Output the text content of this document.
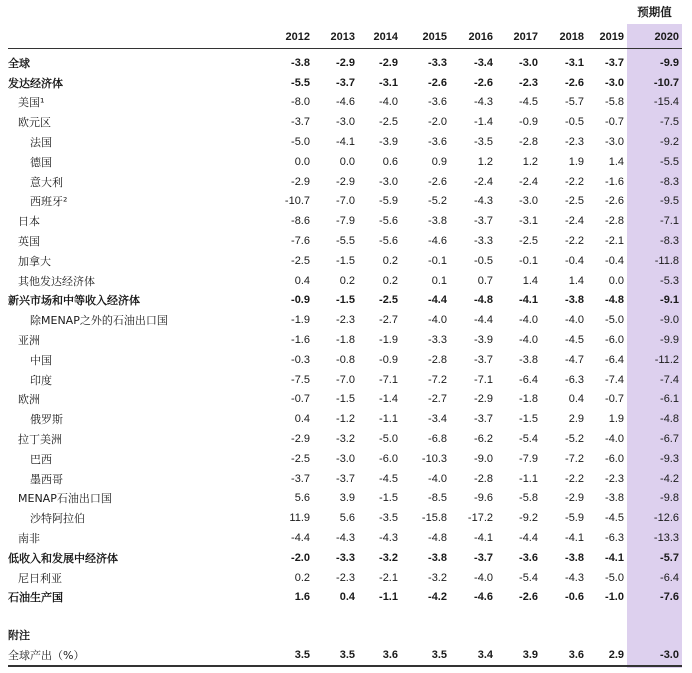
预期值
	2012	2013	2014	2015	2016	2017	2018	2019	2020
全球	-3.8	-2.9	-2.9	-3.3	-3.4	-3.0	-3.1	-3.7	-9.9
发达经济体	-5.5	-3.7	-3.1	-2.6	-2.6	-2.3	-2.6	-3.0	-10.7
美国¹	-8.0	-4.6	-4.0	-3.6	-4.3	-4.5	-5.7	-5.8	-15.4
欧元区	-3.7	-3.0	-2.5	-2.0	-1.4	-0.9	-0.5	-0.7	-7.5
法国	-5.0	-4.1	-3.9	-3.6	-3.5	-2.8	-2.3	-3.0	-9.2
德国	0.0	0.0	0.6	0.9	1.2	1.2	1.9	1.4	-5.5
意大利	-2.9	-2.9	-3.0	-2.6	-2.4	-2.4	-2.2	-1.6	-8.3
西班牙²	-10.7	-7.0	-5.9	-5.2	-4.3	-3.0	-2.5	-2.6	-9.5
日本	-8.6	-7.9	-5.6	-3.8	-3.7	-3.1	-2.4	-2.8	-7.1
英国	-7.6	-5.5	-5.6	-4.6	-3.3	-2.5	-2.2	-2.1	-8.3
加拿大	-2.5	-1.5	0.2	-0.1	-0.5	-0.1	-0.4	-0.4	-11.8
其他发达经济体	0.4	0.2	0.2	0.1	0.7	1.4	1.4	0.0	-5.3
新兴市场和中等收入经济体	-0.9	-1.5	-2.5	-4.4	-4.8	-4.1	-3.8	-4.8	-9.1
除MENAP之外的石油出口国	-1.9	-2.3	-2.7	-4.0	-4.4	-4.0	-4.0	-5.0	-9.0
亚洲	-1.6	-1.8	-1.9	-3.3	-3.9	-4.0	-4.5	-6.0	-9.9
中国	-0.3	-0.8	-0.9	-2.8	-3.7	-3.8	-4.7	-6.4	-11.2
印度	-7.5	-7.0	-7.1	-7.2	-7.1	-6.4	-6.3	-7.4	-7.4
欧洲	-0.7	-1.5	-1.4	-2.7	-2.9	-1.8	0.4	-0.7	-6.1
俄罗斯	0.4	-1.2	-1.1	-3.4	-3.7	-1.5	2.9	1.9	-4.8
拉丁美洲	-2.9	-3.2	-5.0	-6.8	-6.2	-5.4	-5.2	-4.0	-6.7
巴西	-2.5	-3.0	-6.0	-10.3	-9.0	-7.9	-7.2	-6.0	-9.3
墨西哥	-3.7	-3.7	-4.5	-4.0	-2.8	-1.1	-2.2	-2.3	-4.2
MENAP石油出口国	5.6	3.9	-1.5	-8.5	-9.6	-5.8	-2.9	-3.8	-9.8
沙特阿拉伯	11.9	5.6	-3.5	-15.8	-17.2	-9.2	-5.9	-4.5	-12.6
南非	-4.4	-4.3	-4.3	-4.8	-4.1	-4.4	-4.1	-6.3	-13.3
低收入和发展中经济体	-2.0	-3.3	-3.2	-3.8	-3.7	-3.6	-3.8	-4.1	-5.7
尼日利亚	0.2	-2.3	-2.1	-3.2	-4.0	-5.4	-4.3	-5.0	-6.4
石油生产国	1.6	0.4	-1.1	-4.2	-4.6	-2.6	-0.6	-1.0	-7.6

附注									
全球产出（%）	3.5	3.5	3.6	3.5	3.4	3.9	3.6	2.9	-3.0
